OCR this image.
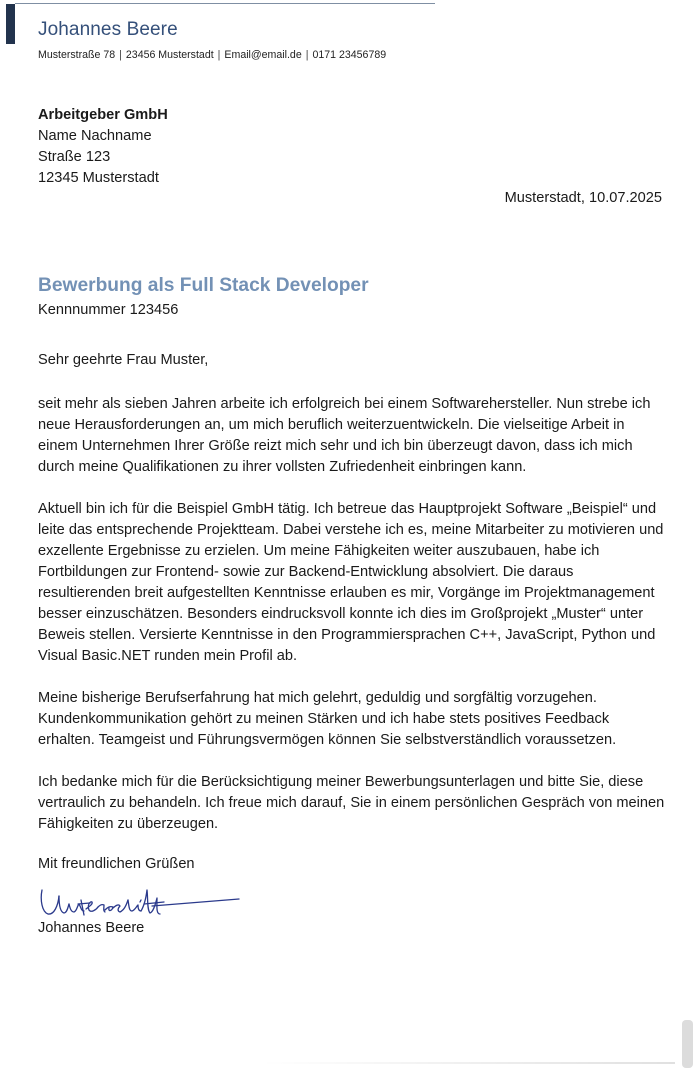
Johannes Beere
Musterstraße 78 | 23456 Musterstadt | Email@email.de | 0171 23456789
Arbeitgeber GmbH
Name Nachname
Straße 123
12345 Musterstadt
Musterstadt, 10.07.2025
Bewerbung als Full Stack Developer
Kennnummer 123456
Sehr geehrte Frau Muster,

seit mehr als sieben Jahren arbeite ich erfolgreich bei einem Softwarehersteller. Nun strebe ich neue Herausforderungen an, um mich beruflich weiterzuentwickeln. Die vielseitige Arbeit in einem Unternehmen Ihrer Größe reizt mich sehr und ich bin überzeugt davon, dass ich mich durch meine Qualifikationen zu ihrer vollsten Zufriedenheit einbringen kann.

Aktuell bin ich für die Beispiel GmbH tätig. Ich betreue das Hauptprojekt Software „Beispiel“ und leite das entsprechende Projektteam. Dabei verstehe ich es, meine Mitarbeiter zu motivieren und exzellente Ergebnisse zu erzielen. Um meine Fähigkeiten weiter auszubauen, habe ich Fortbildungen zur Frontend- sowie zur Backend-Entwicklung absolviert. Die daraus resultierenden breit aufgestellten Kenntnisse erlauben es mir, Vorgänge im Projektmanagement besser einzuschätzen. Besonders eindrucksvoll konnte ich dies im Großprojekt „Muster“ unter Beweis stellen. Versierte Kenntnisse in den Programmiersprachen C++, JavaScript, Python und Visual Basic.NET runden mein Profil ab.

Meine bisherige Berufserfahrung hat mich gelehrt, geduldig und sorgfältig vorzugehen. Kundenkommunikation gehört zu meinen Stärken und ich habe stets positives Feedback erhalten. Teamgeist und Führungsvermögen können Sie selbstverständlich voraussetzen.

Ich bedanke mich für die Berücksichtigung meiner Bewerbungsunterlagen und bitte Sie, diese vertraulich zu behandeln. Ich freue mich darauf, Sie in einem persönlichen Gespräch von meinen Fähigkeiten zu überzeugen.

Mit freundlichen Grüßen
Unterschrift
Johannes Beere
